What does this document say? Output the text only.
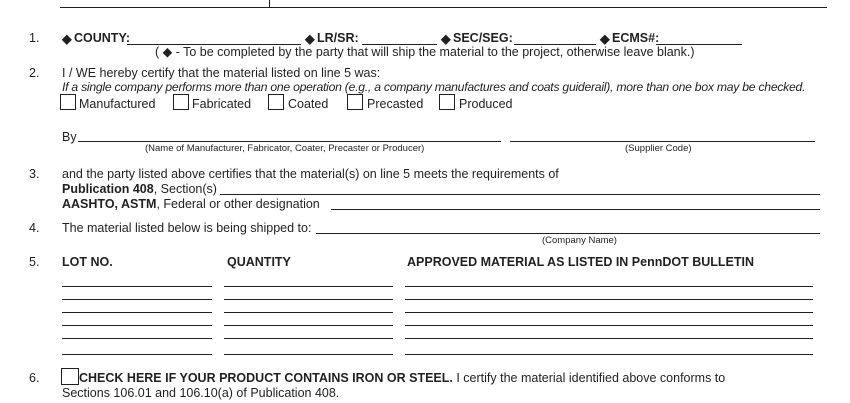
1. ◆ COUNTY:	◆ LR/SR:	◆ SEC/SEG:	◆ ECMS#:
( ◆ - To be completed by the party that will ship the material to the project, otherwise leave blank.)
2. I / WE hereby certify that the material listed on line 5 was:
If a single company performs more than one operation (e.g., a company manufactures and coats guiderail), more than one box may be checked.
Manufactured	Fabricated	Coated	Precasted	Produced
By
(Name of Manufacturer, Fabricator, Coater, Precaster or Producer)	(Supplier Code)
3. and the party listed above certifies that the material(s) on line 5 meets the requirements of
Publication 408, Section(s)
AASHTO, ASTM, Federal or other designation
4. The material listed below is being shipped to:
(Company Name)
5. LOT NO.	QUANTITY	APPROVED MATERIAL AS LISTED IN PennDOT BULLETIN
6.	CHECK HERE IF YOUR PRODUCT CONTAINS IRON OR STEEL. I certify the material identified above conforms to
Sections 106.01 and 106.10(a) of Publication 408.
